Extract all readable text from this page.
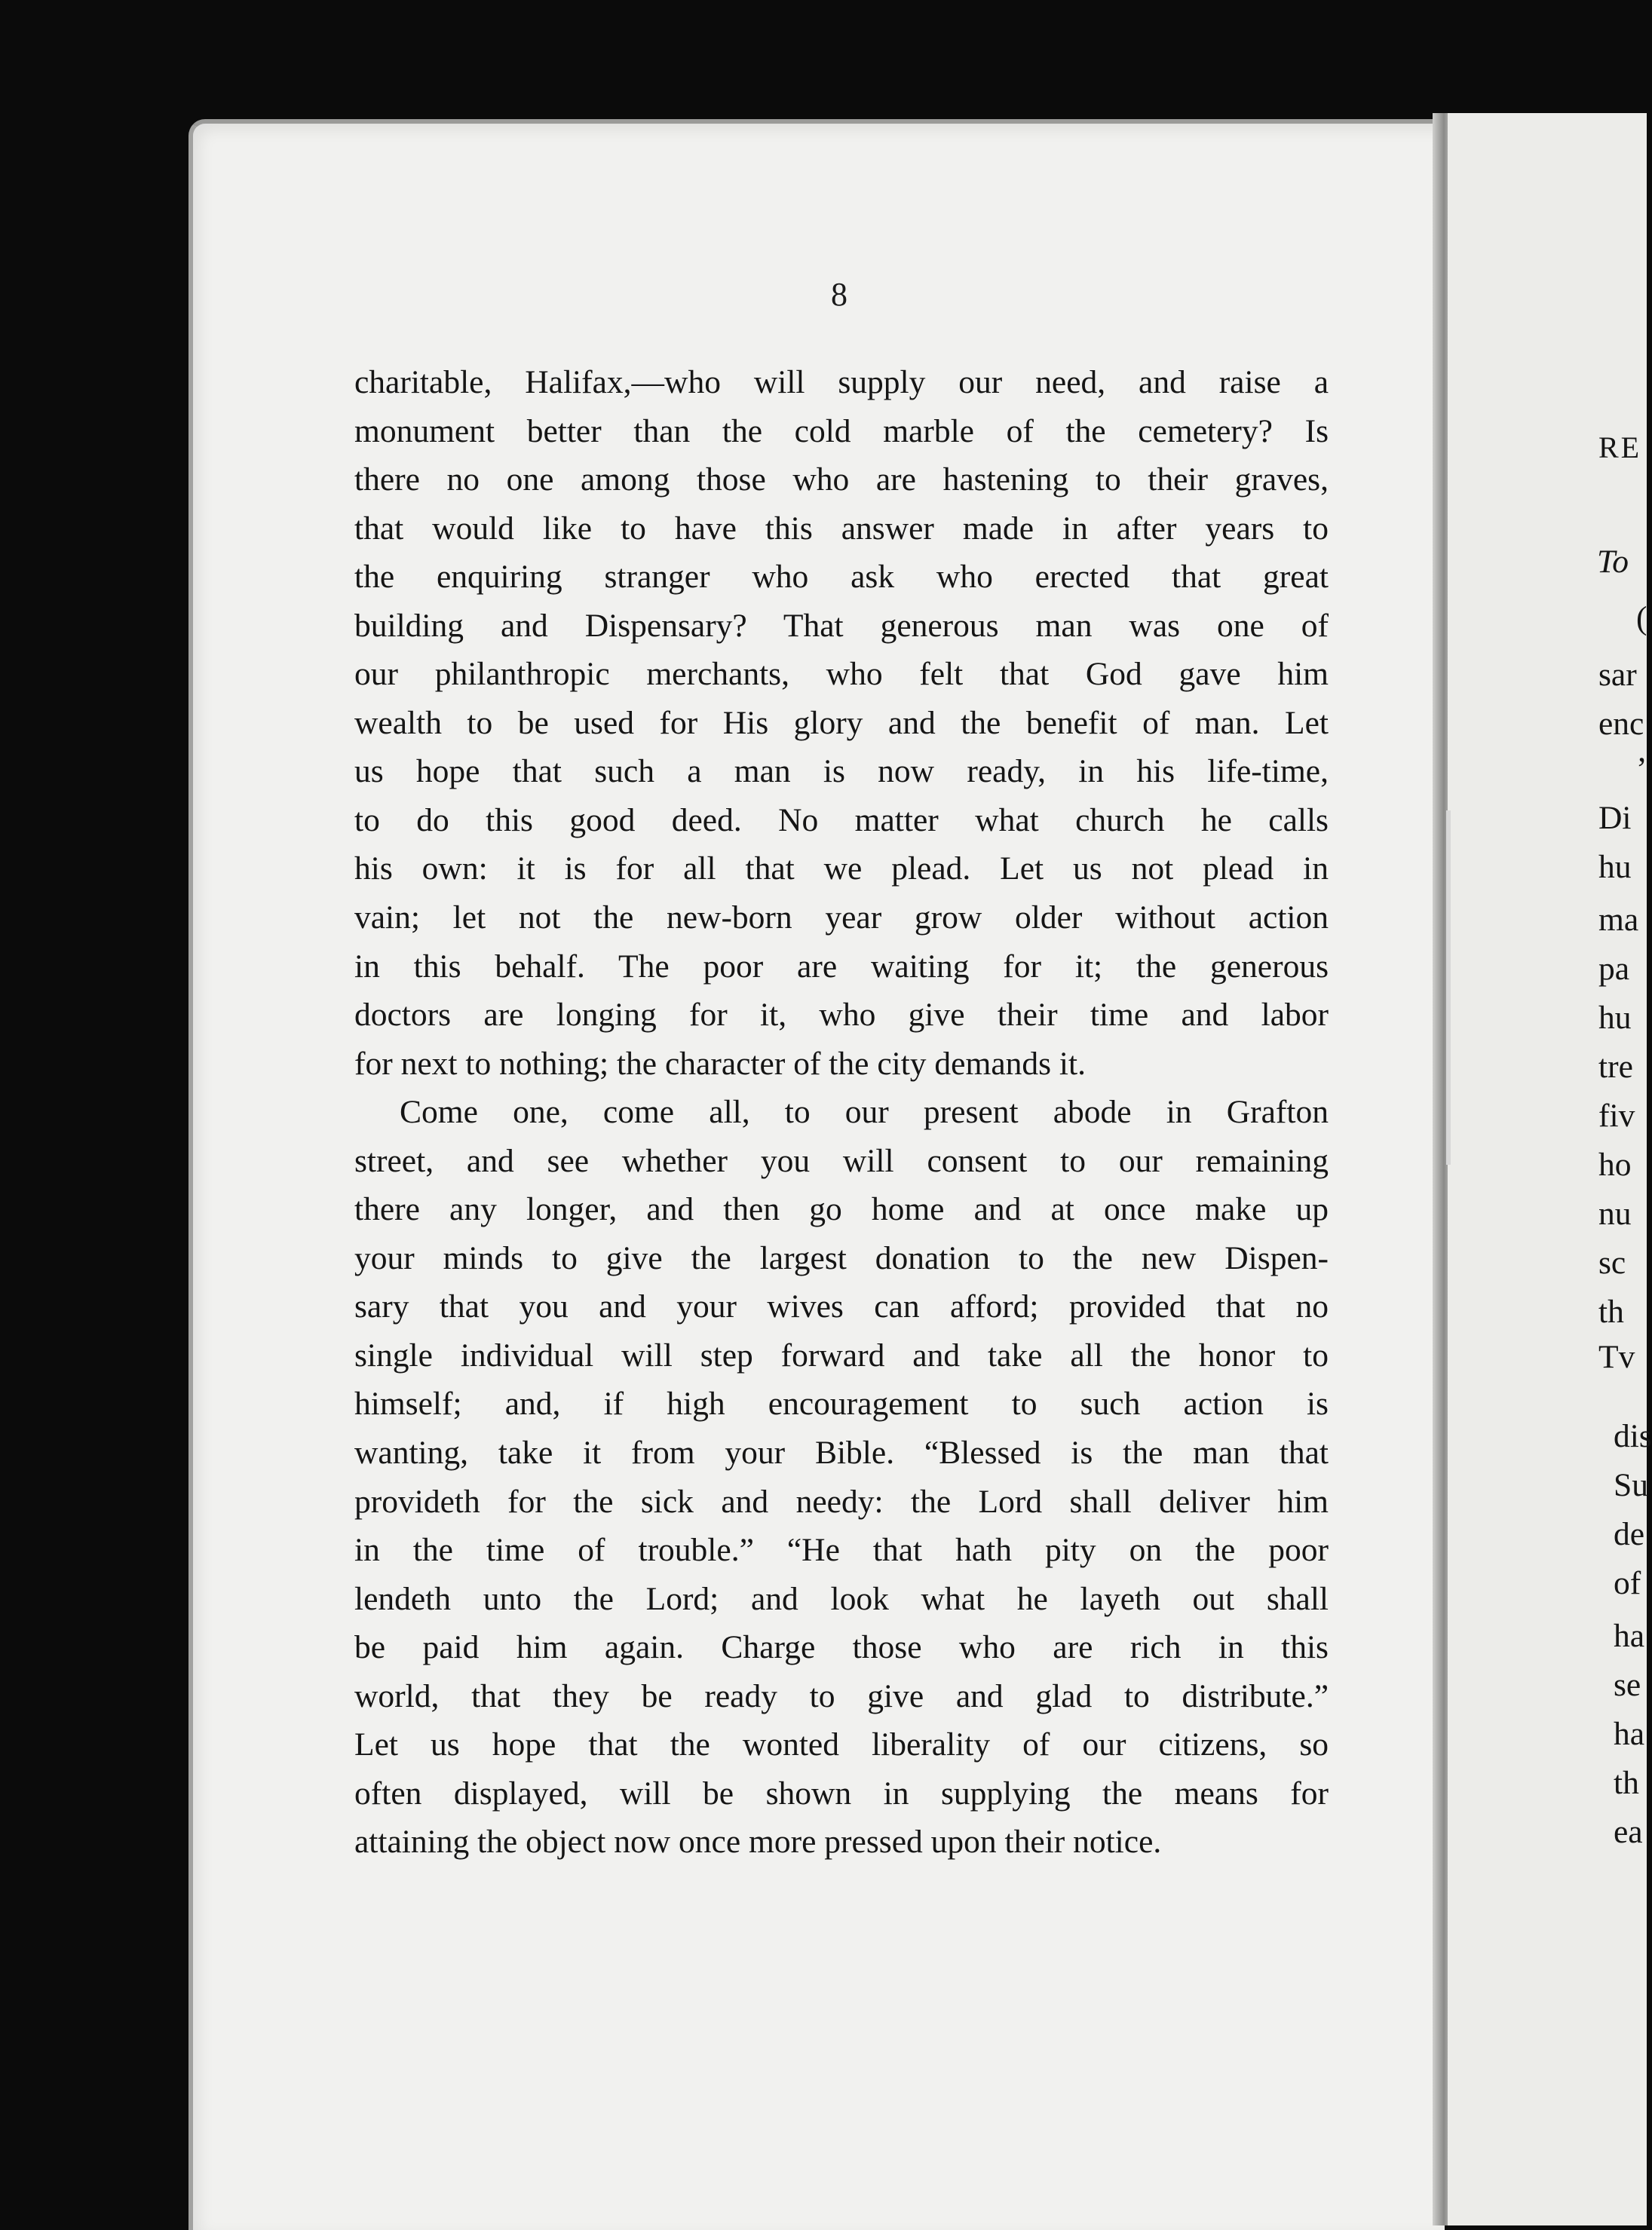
8

charitable, Halifax,—who will supply our need, and raise a
monument better than the cold marble of the cemetery? Is
there no one among those who are hastening to their graves,
that would like to have this answer made in after years to
the enquiring stranger who ask who erected that great
building and Dispensary? That generous man was one of
our philanthropic merchants, who felt that God gave him
wealth to be used for His glory and the benefit of man. Let
us hope that such a man is now ready, in his life-time,
to do this good deed. No matter what church he calls
his own: it is for all that we plead. Let us not plead in
vain; let not the new-born year grow older without action
in this behalf. The poor are waiting for it; the generous
doctors are longing for it, who give their time and labor
for next to nothing; the character of the city demands it.
Come one, come all, to our present abode in Grafton
street, and see whether you will consent to our remaining
there any longer, and then go home and at once make up
your minds to give the largest donation to the new Dispen-
sary that you and your wives can afford; provided that no
single individual will step forward and take all the honor to
himself; and, if high encouragement to such action is
wanting, take it from your Bible. “Blessed is the man that
provideth for the sick and needy: the Lord shall deliver him
in the time of trouble.” “He that hath pity on the poor
lendeth unto the Lord; and look what he layeth out shall
be paid him again. Charge those who are rich in this
world, that they be ready to give and glad to distribute.”
Let us hope that the wonted liberality of our citizens, so
often displayed, will be shown in supplying the means for
attaining the object now once more pressed upon their notice.
RE
To
(
sar
enc
’
Di
hu
ma
pa
hu
tre
fiv
ho
nu
sc
th
Tv
dis
Su
de
of
ha
se
ha
th
ea
